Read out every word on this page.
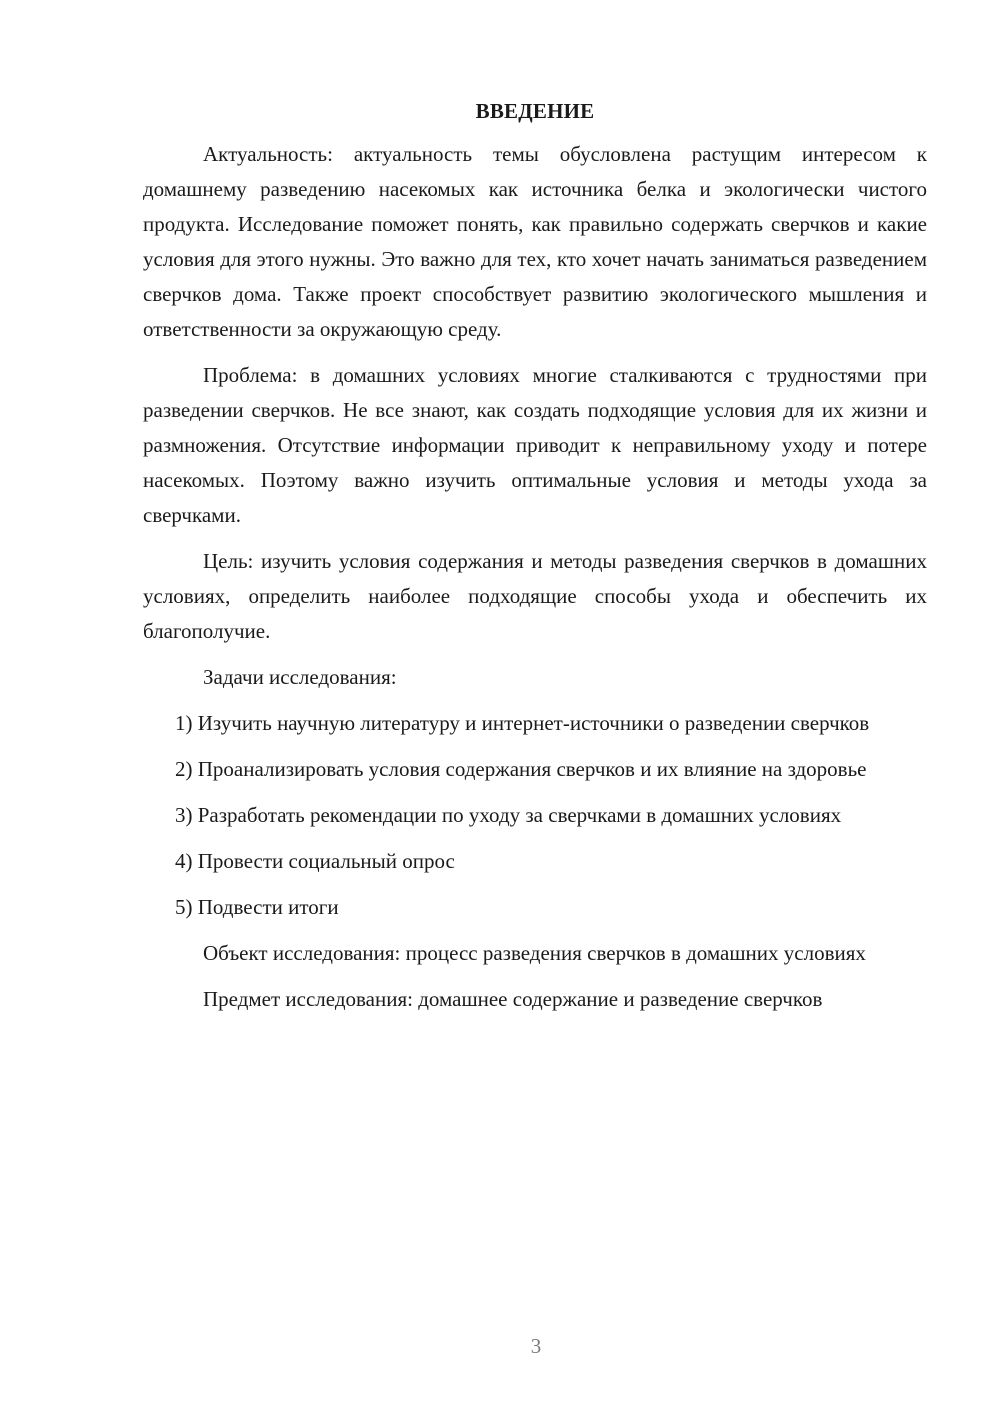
ВВЕДЕНИЕ

Актуальность: актуальность темы обусловлена растущим интересом к домашнему разведению насекомых как источника белка и экологически чистого продукта. Исследование поможет понять, как правильно содержать сверчков и какие условия для этого нужны. Это важно для тех, кто хочет начать заниматься разведением сверчков дома. Также проект способствует развитию экологического мышления и ответственности за окружающую среду.

Проблема: в домашних условиях многие сталкиваются с трудностями при разведении сверчков. Не все знают, как создать подходящие условия для их жизни и размножения. Отсутствие информации приводит к неправильному уходу и потере насекомых. Поэтому важно изучить оптимальные условия и методы ухода за сверчками.

Цель: изучить условия содержания и методы разведения сверчков в домашних условиях, определить наиболее подходящие способы ухода и обеспечить их благополучие.

Задачи исследования:

1) Изучить научную литературу и интернет-источники о разведении сверчков

2) Проанализировать условия содержания сверчков и их влияние на здоровье

3) Разработать рекомендации по уходу за сверчками в домашних условиях

4) Провести социальный опрос

5) Подвести итоги

Объект исследования: процесс разведения сверчков в домашних условиях

Предмет исследования: домашнее содержание и разведение сверчков

3
